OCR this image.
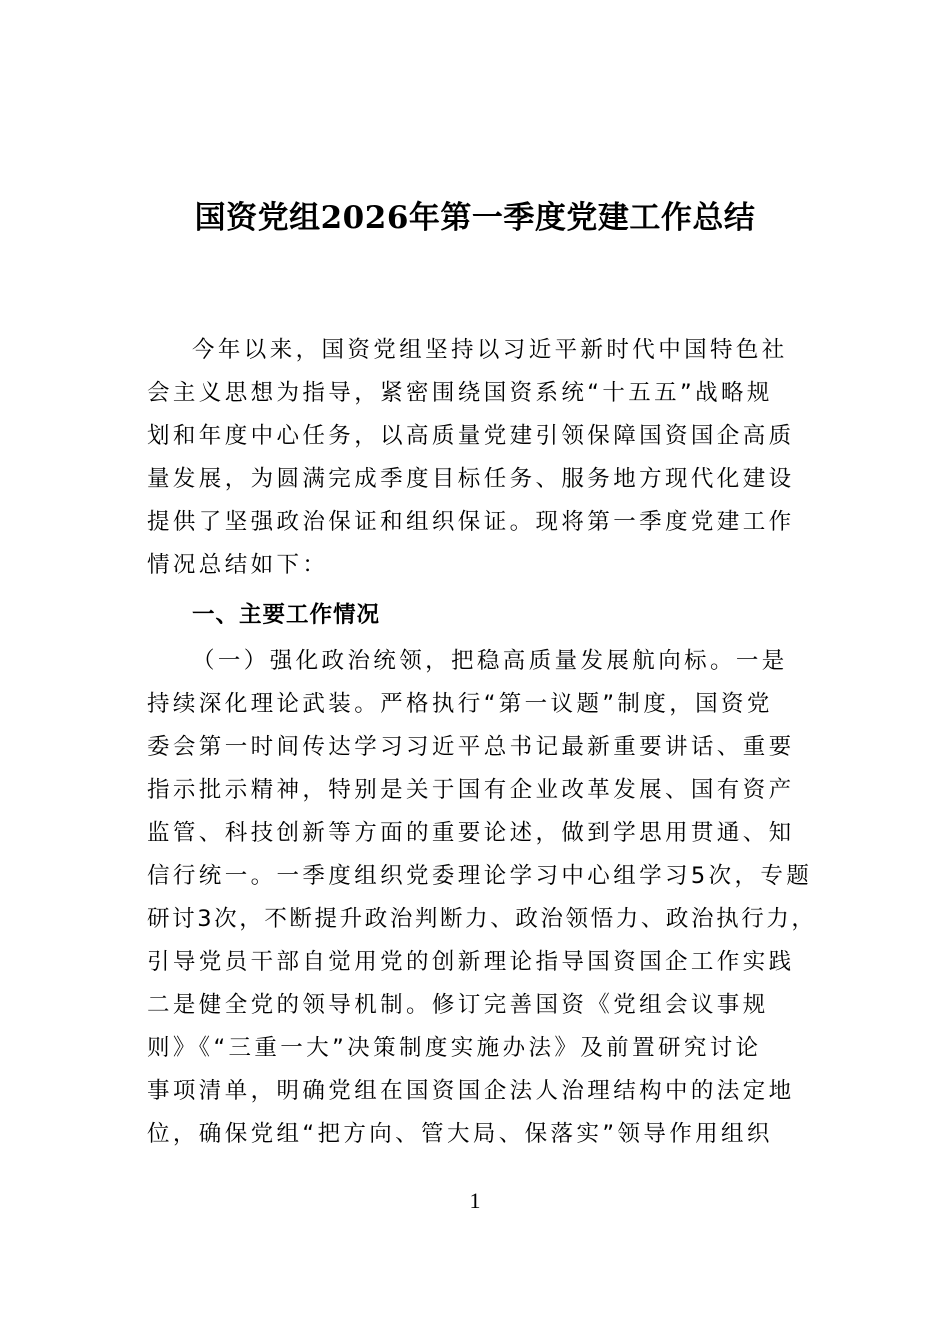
国资党组2026年第一季度党建工作总结
今年以来，国资党组坚持以习近平新时代中国特色社
会主义思想为指导，紧密围绕国资系统“十五五”战略规
划和年度中心任务，以高质量党建引领保障国资国企高质
量发展，为圆满完成季度目标任务、服务地方现代化建设
提供了坚强政治保证和组织保证。现将第一季度党建工作
情况总结如下：
一、主要工作情况
（一）强化政治统领，把稳高质量发展航向标。一是
持续深化理论武装。严格执行“第一议题”制度，国资党
委会第一时间传达学习习近平总书记最新重要讲话、重要
指示批示精神，特别是关于国有企业改革发展、国有资产
监管、科技创新等方面的重要论述，做到学思用贯通、知
信行统一。一季度组织党委理论学习中心组学习5次，专题
研讨3次，不断提升政治判断力、政治领悟力、政治执行力，
引导党员干部自觉用党的创新理论指导国资国企工作实践
二是健全党的领导机制。修订完善国资《党组会议事规
则》《“三重一大”决策制度实施办法》及前置研究讨论
事项清单，明确党组在国资国企法人治理结构中的法定地
位，确保党组“把方向、管大局、保落实”领导作用组织
1
